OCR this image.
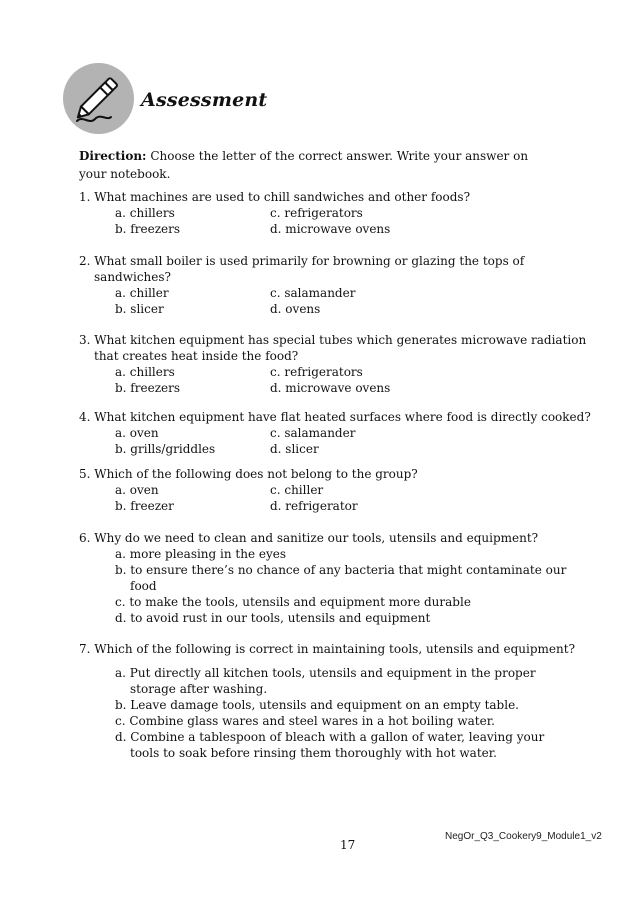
Assessment
Direction: Choose the letter of the correct answer. Write your answer on your notebook.
1. What machines are used to chill sandwiches and other foods?
a. chillers	c. refrigerators
b. freezers	d. microwave ovens
2. What small boiler is used primarily for browning or glazing the tops of
sandwiches?
a. chiller	c. salamander
b. slicer	d. ovens
3. What kitchen equipment has special tubes which generates microwave radiation
that creates heat inside the food?
a. chillers	c. refrigerators
b. freezers	d. microwave ovens
4. What kitchen equipment have flat heated surfaces where food is directly cooked?
a. oven	c. salamander
b. grills/griddles	d. slicer
5. Which of the following does not belong to the group?
a. oven	c. chiller
b. freezer	d. refrigerator
6. Why do we need to clean and sanitize our tools, utensils and equipment?
a. more pleasing in the eyes
b. to ensure there’s no chance of any bacteria that might contaminate our food
c. to make the tools, utensils and equipment more durable
d. to avoid rust in our tools, utensils and equipment
7. Which of the following is correct in maintaining tools, utensils and equipment?
a. Put directly all kitchen tools, utensils and equipment in the proper storage after washing.
b. Leave damage tools, utensils and equipment on an empty table.
c. Combine glass wares and steel wares in a hot boiling water.
d. Combine a tablespoon of bleach with a gallon of water, leaving your tools to soak before rinsing them thoroughly with hot water.
17
NegOr_Q3_Cookery9_Module1_v2
